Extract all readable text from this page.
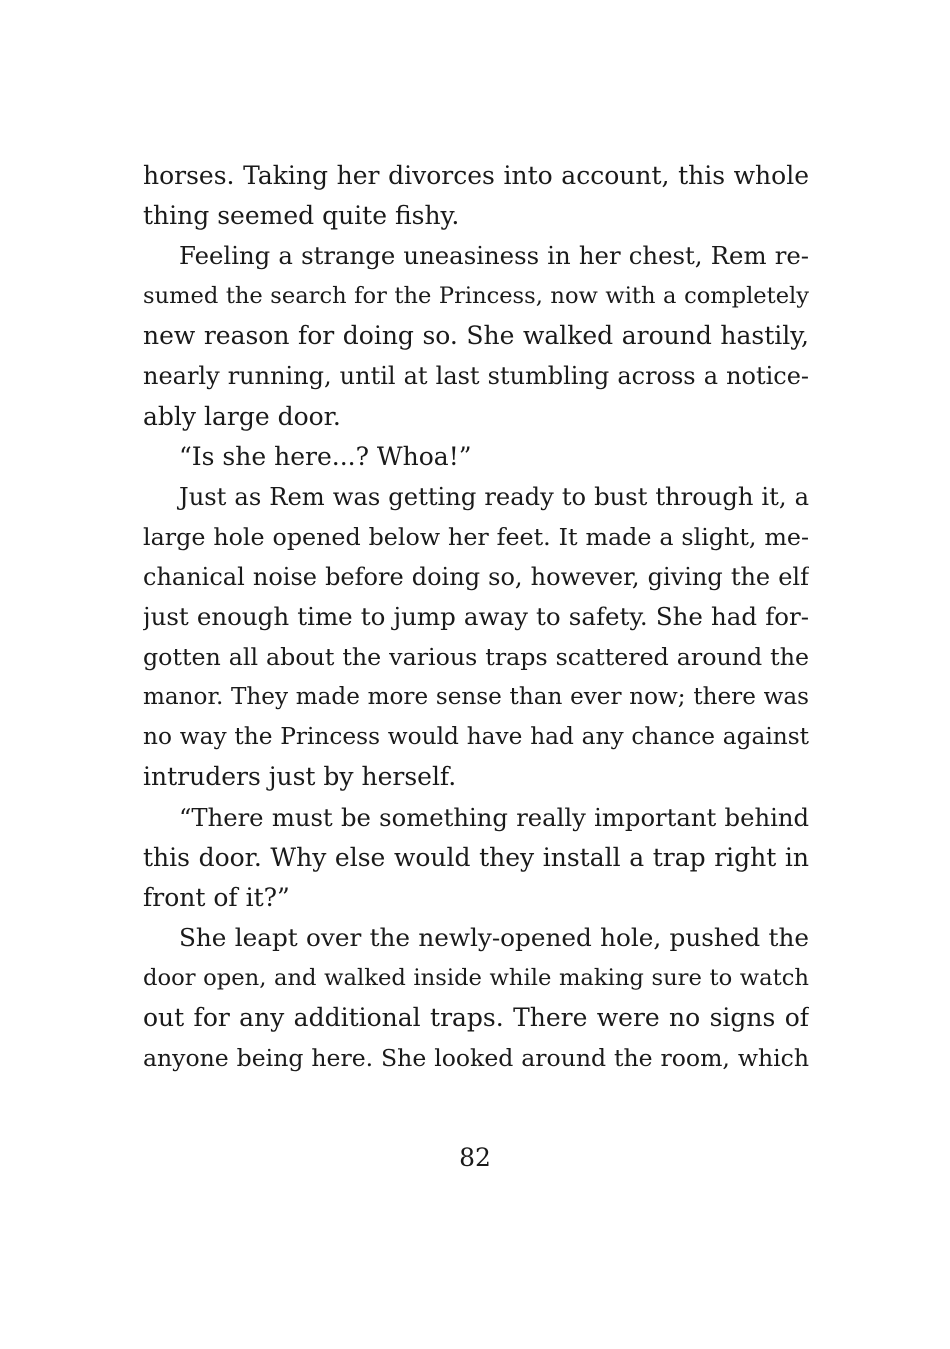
horses. Taking her divorces into account, this whole
thing seemed quite fishy.
Feeling a strange uneasiness in her chest, Rem re-
sumed the search for the Princess, now with a completely
new reason for doing so. She walked around hastily,
nearly running, until at last stumbling across a notice-
ably large door.
“Is she here...? Whoa!”
Just as Rem was getting ready to bust through it, a
large hole opened below her feet. It made a slight, me-
chanical noise before doing so, however, giving the elf
just enough time to jump away to safety. She had for-
gotten all about the various traps scattered around the
manor. They made more sense than ever now; there was
no way the Princess would have had any chance against
intruders just by herself.
“There must be something really important behind
this door. Why else would they install a trap right in
front of it?”
She leapt over the newly-opened hole, pushed the
door open, and walked inside while making sure to watch
out for any additional traps. There were no signs of
anyone being here. She looked around the room, which
82
